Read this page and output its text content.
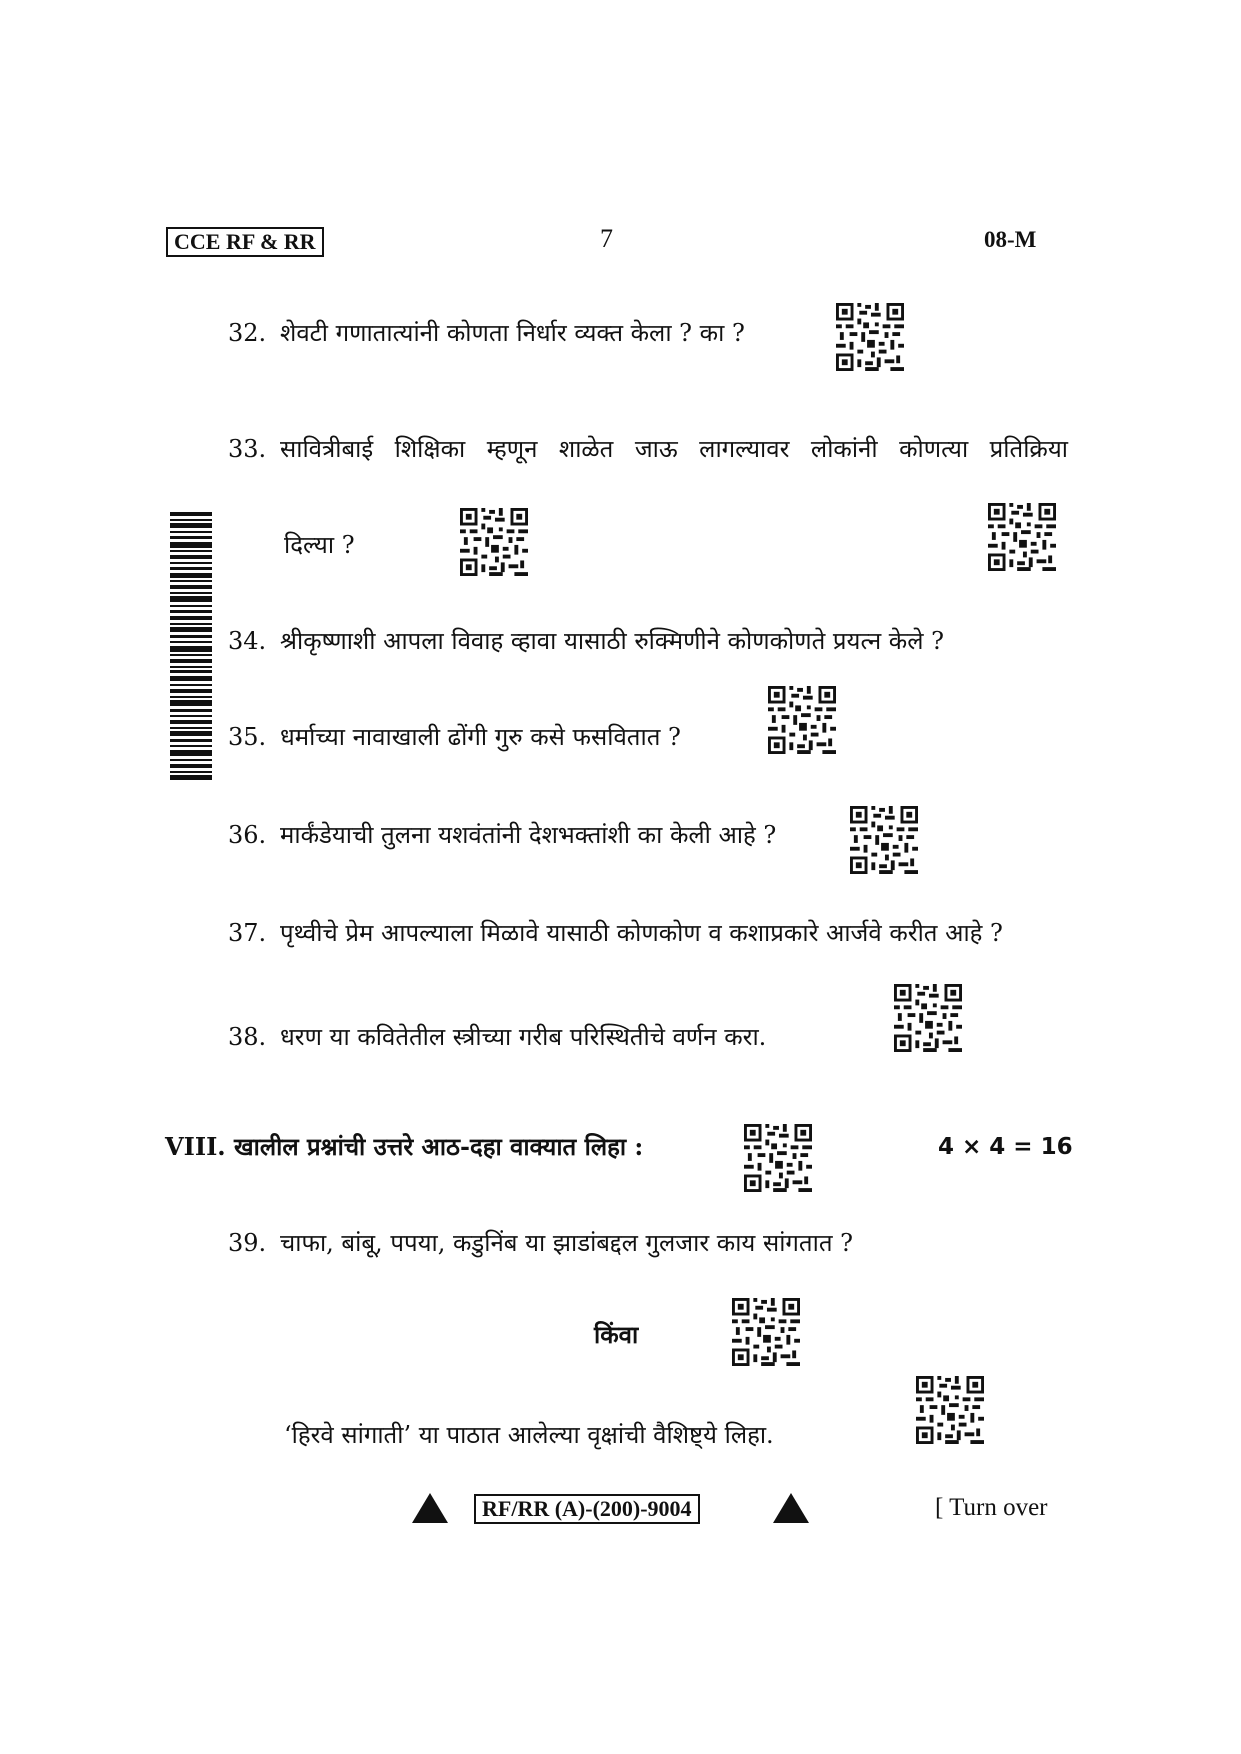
CCE RF & RR	7	08-M
32. शेवटी गणातात्यांनी कोणता निर्धार व्यक्त केला ? का ?
33. सावित्रीबाई शिक्षिका म्हणून शाळेत जाऊ लागल्यावर लोकांनी कोणत्या प्रतिक्रिया
दिल्या ?
34. श्रीकृष्णाशी आपला विवाह व्हावा यासाठी रुक्मिणीने कोणकोणते प्रयत्न केले ?
35. धर्माच्या नावाखाली ढोंगी गुरु कसे फसवितात ?
36. मार्कंडेयाची तुलना यशवंतांनी देशभक्तांशी का केली आहे ?
37. पृथ्वीचे प्रेम आपल्याला मिळावे यासाठी कोणकोण व कशाप्रकारे आर्जवे करीत आहे ?
38. धरण या कवितेतील स्त्रीच्या गरीब परिस्थितीचे वर्णन करा.
VIII. खालील प्रश्नांची उत्तरे आठ-दहा वाक्यात लिहा :	4 × 4 = 16
39. चाफा, बांबू, पपया, कडुनिंब या झाडांबद्दल गुलजार काय सांगतात ?
किंवा
‘हिरवे सांगाती’ या पाठात आलेल्या वृक्षांची वैशिष्ट्ये लिहा.
RF/RR (A)-(200)-9004	[ Turn over
